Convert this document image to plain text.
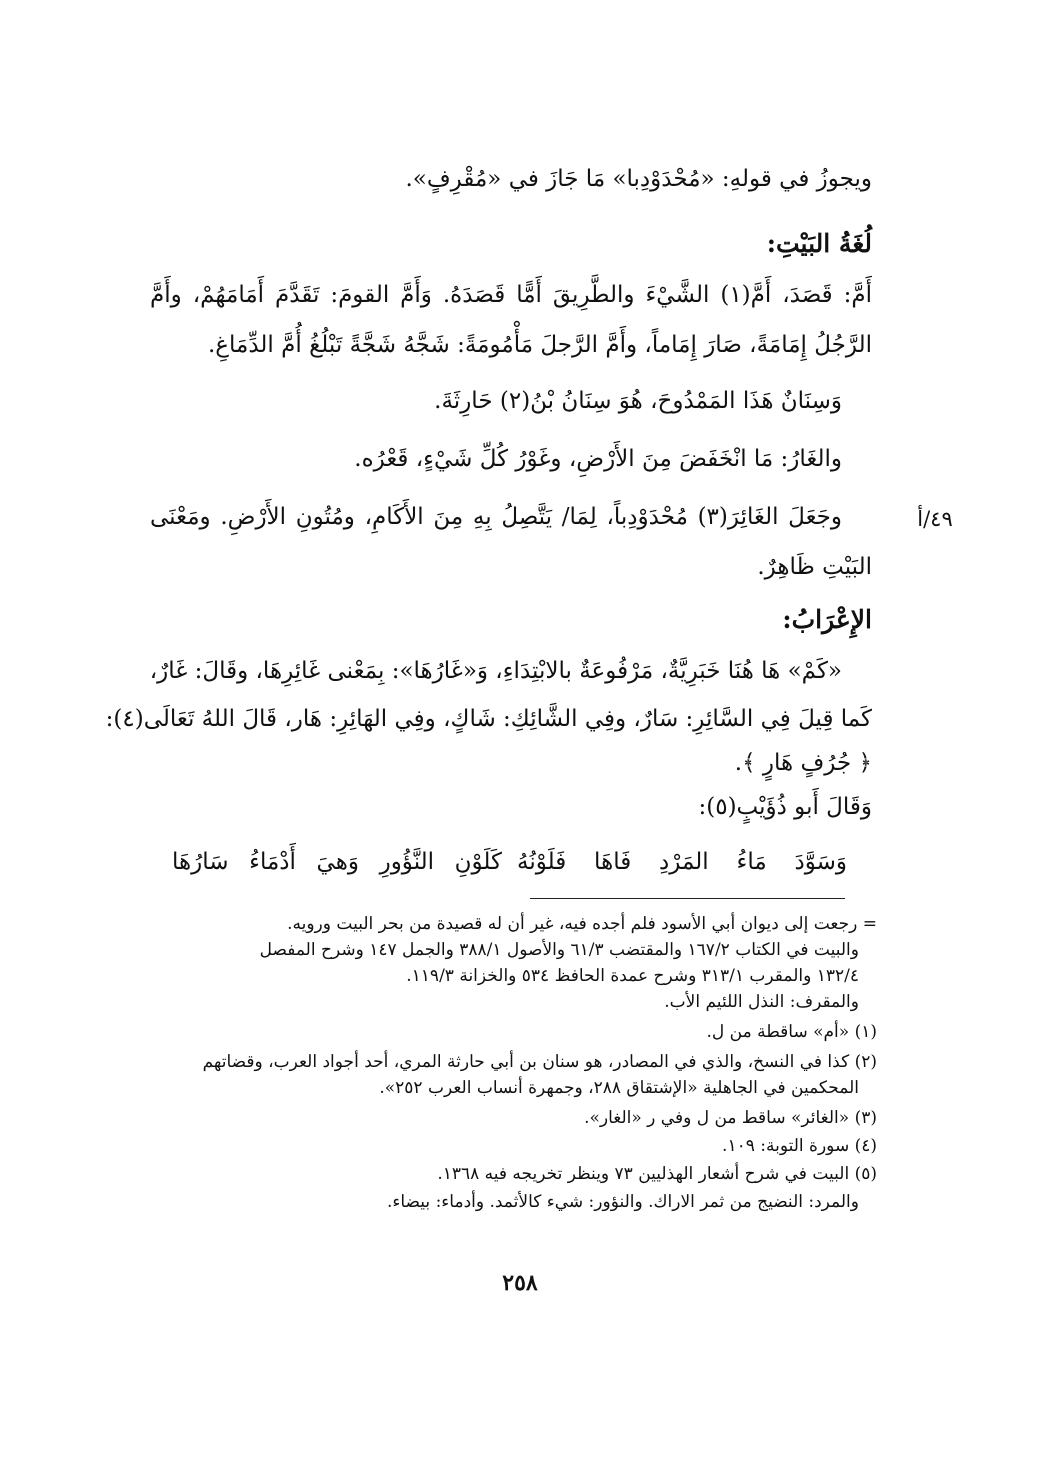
ويجوزُ في قولهِ: «مُحْدَوْدِبا» مَا جَازَ في «مُقْرِفٍ».
لُغَةُ البَيْتِ:
أَمَّ: قَصَدَ، أَمَّ(١) الشَّيْءَ والطَّرِيقَ أَمًّا قَصَدَهُ. وَأَمَّ القومَ: تَقَدَّمَ أَمَامَهُمْ، وأَمَّ
الرَّجُلُ إِمَامَةً، صَارَ إِمَاماً، وأَمَّ الرَّجلَ مَأْمُومَةً: شَجَّهُ شَجَّةً تَبْلُغُ أُمَّ الدِّمَاغِ.
وَسِنَانٌ هَذَا المَمْدُوحَ، هُوَ سِنَانُ بْنُ(٢) حَارِثَةَ.
والغَارُ: مَا انْخَفَضَ مِنَ الأَرْضِ، وغَوْرُ كُلِّ شَيْءٍ، قَعْرُه.
٤٩/أ
وجَعَلَ الغَائِرَ(٣) مُحْدَوْدِباً، لِمَا/ يَتَّصِلُ بِهِ مِنَ الأَكَامِ، ومُتُونِ الأَرْضِ. ومَعْنَى
البَيْتِ ظَاهِرٌ.
الإِعْرَابُ:
«كَمْ» هَا هُنَا خَبَرِيَّةٌ، مَرْفُوعَةٌ بالابْتِدَاءِ، وَ«غَارُهَا»: بِمَعْنى غَائِرِهَا، وقَالَ: غَارٌ،
كَما قِيلَ فِي السَّائِرِ: سَارٌ، وفِي الشَّائِكِ: شَاكٍ، وفِي الهَائِرِ: هَار، قَالَ اللهُ تَعَالَى(٤):
﴿ جُرُفٍ هَارٍ ﴾.
وَقَالَ أَبو ذُؤَيْبٍ(٥):
وَسَوَّدَ مَاءُ المَرْدِ فَاهَا فَلَوْنُهُ
كَلَوْنِ النَّؤُورِ وَهيَ أَدْمَاءُ سَارُهَا
= رجعت إلى ديوان أبي الأسود فلم أجده فيه، غير أن له قصيدة من بحر البيت ورويه.
والبيت في الكتاب ١٦٧/٢ والمقتضب ٦١/٣ والأصول ٣٨٨/١ والجمل ١٤٧ وشرح المفصل
١٣٢/٤ والمقرب ٣١٣/١ وشرح عمدة الحافظ ٥٣٤ والخزانة ١١٩/٣.
والمقرف: النذل اللئيم الأب.
(١) «أم» ساقطة من ل.
(٢) كذا في النسخ، والذي في المصادر، هو سنان بن أبي حارثة المري، أحد أجواد العرب، وقضاتهم
المحكمين في الجاهلية «الإشتقاق ٢٨٨، وجمهرة أنساب العرب ٢٥٢».
(٣) «الغائر» ساقط من ل وفي ر «الغار».
(٤) سورة التوبة: ١٠٩.
(٥) البيت في شرح أشعار الهذليين ٧٣ وينظر تخريجه فيه ١٣٦٨.
والمرد: النضيج من ثمر الاراك. والنؤور: شيء كالأثمد. وأدماء: بيضاء.
٢٥٨
